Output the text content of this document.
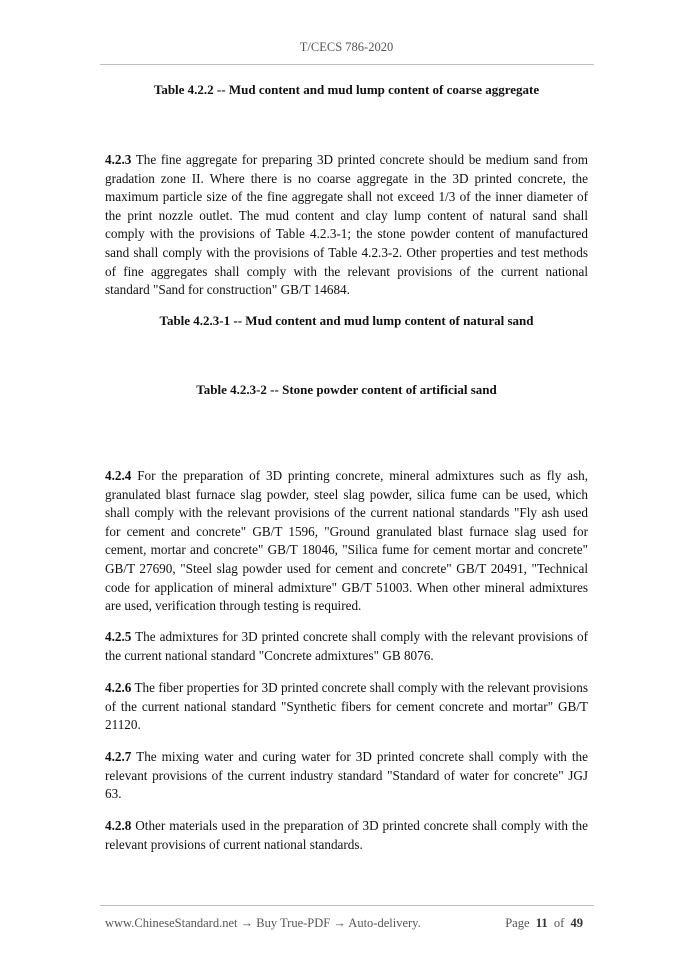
T/CECS 786-2020
Table 4.2.2 -- Mud content and mud lump content of coarse aggregate
4.2.3 The fine aggregate for preparing 3D printed concrete should be medium sand from gradation zone II. Where there is no coarse aggregate in the 3D printed concrete, the maximum particle size of the fine aggregate shall not exceed 1/3 of the inner diameter of the print nozzle outlet. The mud content and clay lump content of natural sand shall comply with the provisions of Table 4.2.3-1; the stone powder content of manufactured sand shall comply with the provisions of Table 4.2.3-2. Other properties and test methods of fine aggregates shall comply with the relevant provisions of the current national standard "Sand for construction" GB/T 14684.
Table 4.2.3-1 -- Mud content and mud lump content of natural sand
Table 4.2.3-2 -- Stone powder content of artificial sand
4.2.4 For the preparation of 3D printing concrete, mineral admixtures such as fly ash, granulated blast furnace slag powder, steel slag powder, silica fume can be used, which shall comply with the relevant provisions of the current national standards "Fly ash used for cement and concrete" GB/T 1596, "Ground granulated blast furnace slag used for cement, mortar and concrete" GB/T 18046, "Silica fume for cement mortar and concrete" GB/T 27690, "Steel slag powder used for cement and concrete" GB/T 20491, "Technical code for application of mineral admixture" GB/T 51003. When other mineral admixtures are used, verification through testing is required.
4.2.5 The admixtures for 3D printed concrete shall comply with the relevant provisions of the current national standard "Concrete admixtures" GB 8076.
4.2.6 The fiber properties for 3D printed concrete shall comply with the relevant provisions of the current national standard "Synthetic fibers for cement concrete and mortar" GB/T 21120.
4.2.7 The mixing water and curing water for 3D printed concrete shall comply with the relevant provisions of the current industry standard "Standard of water for concrete" JGJ 63.
4.2.8 Other materials used in the preparation of 3D printed concrete shall comply with the relevant provisions of current national standards.
www.ChineseStandard.net → Buy True-PDF → Auto-delivery.	Page 11 of 49
